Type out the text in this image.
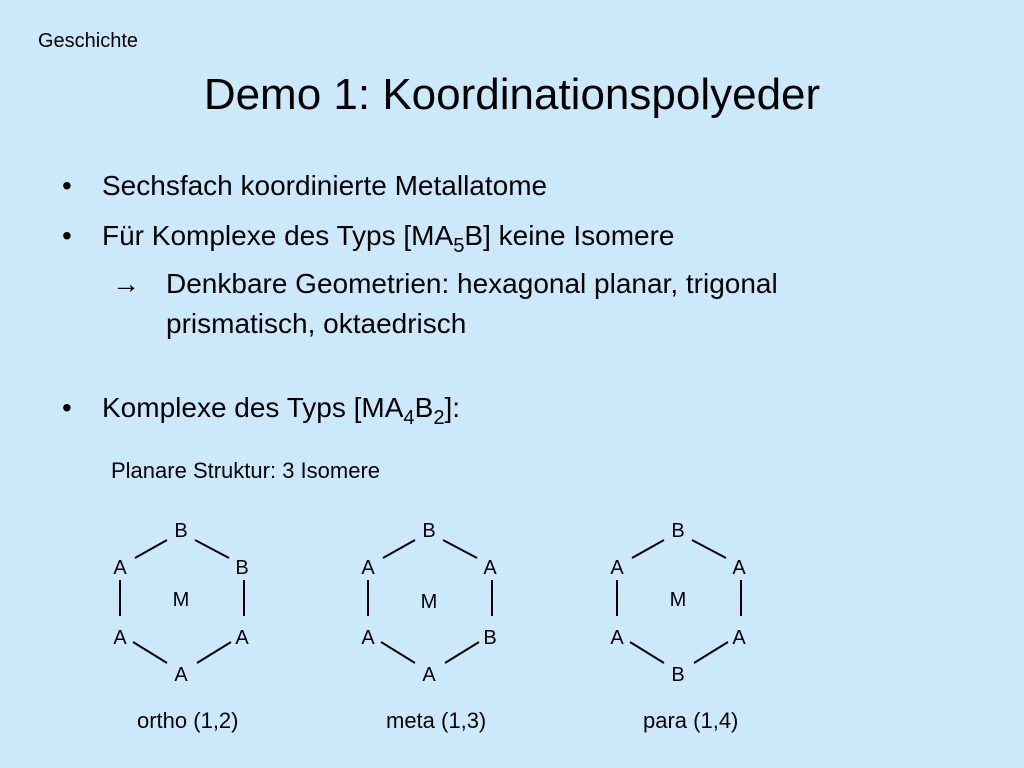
Geschichte
Demo 1: Koordinationspolyeder
• Sechsfach koordinierte Metallatome
• Für Komplexe des Typs $[MA_5B]$ keine Isomere
→ Denkbare Geometrien: hexagonal planar, trigonal
prismatisch, oktaedrisch
• Komplexe des Typs $[MA_4B_2]$:
Planare Struktur: 3 Isomere
B
A	B
M
A	A
A
B
A	A
M
A	B
A
B
A	A
M
A	A
B
ortho (1,2)	meta (1,3)	para (1,4)
